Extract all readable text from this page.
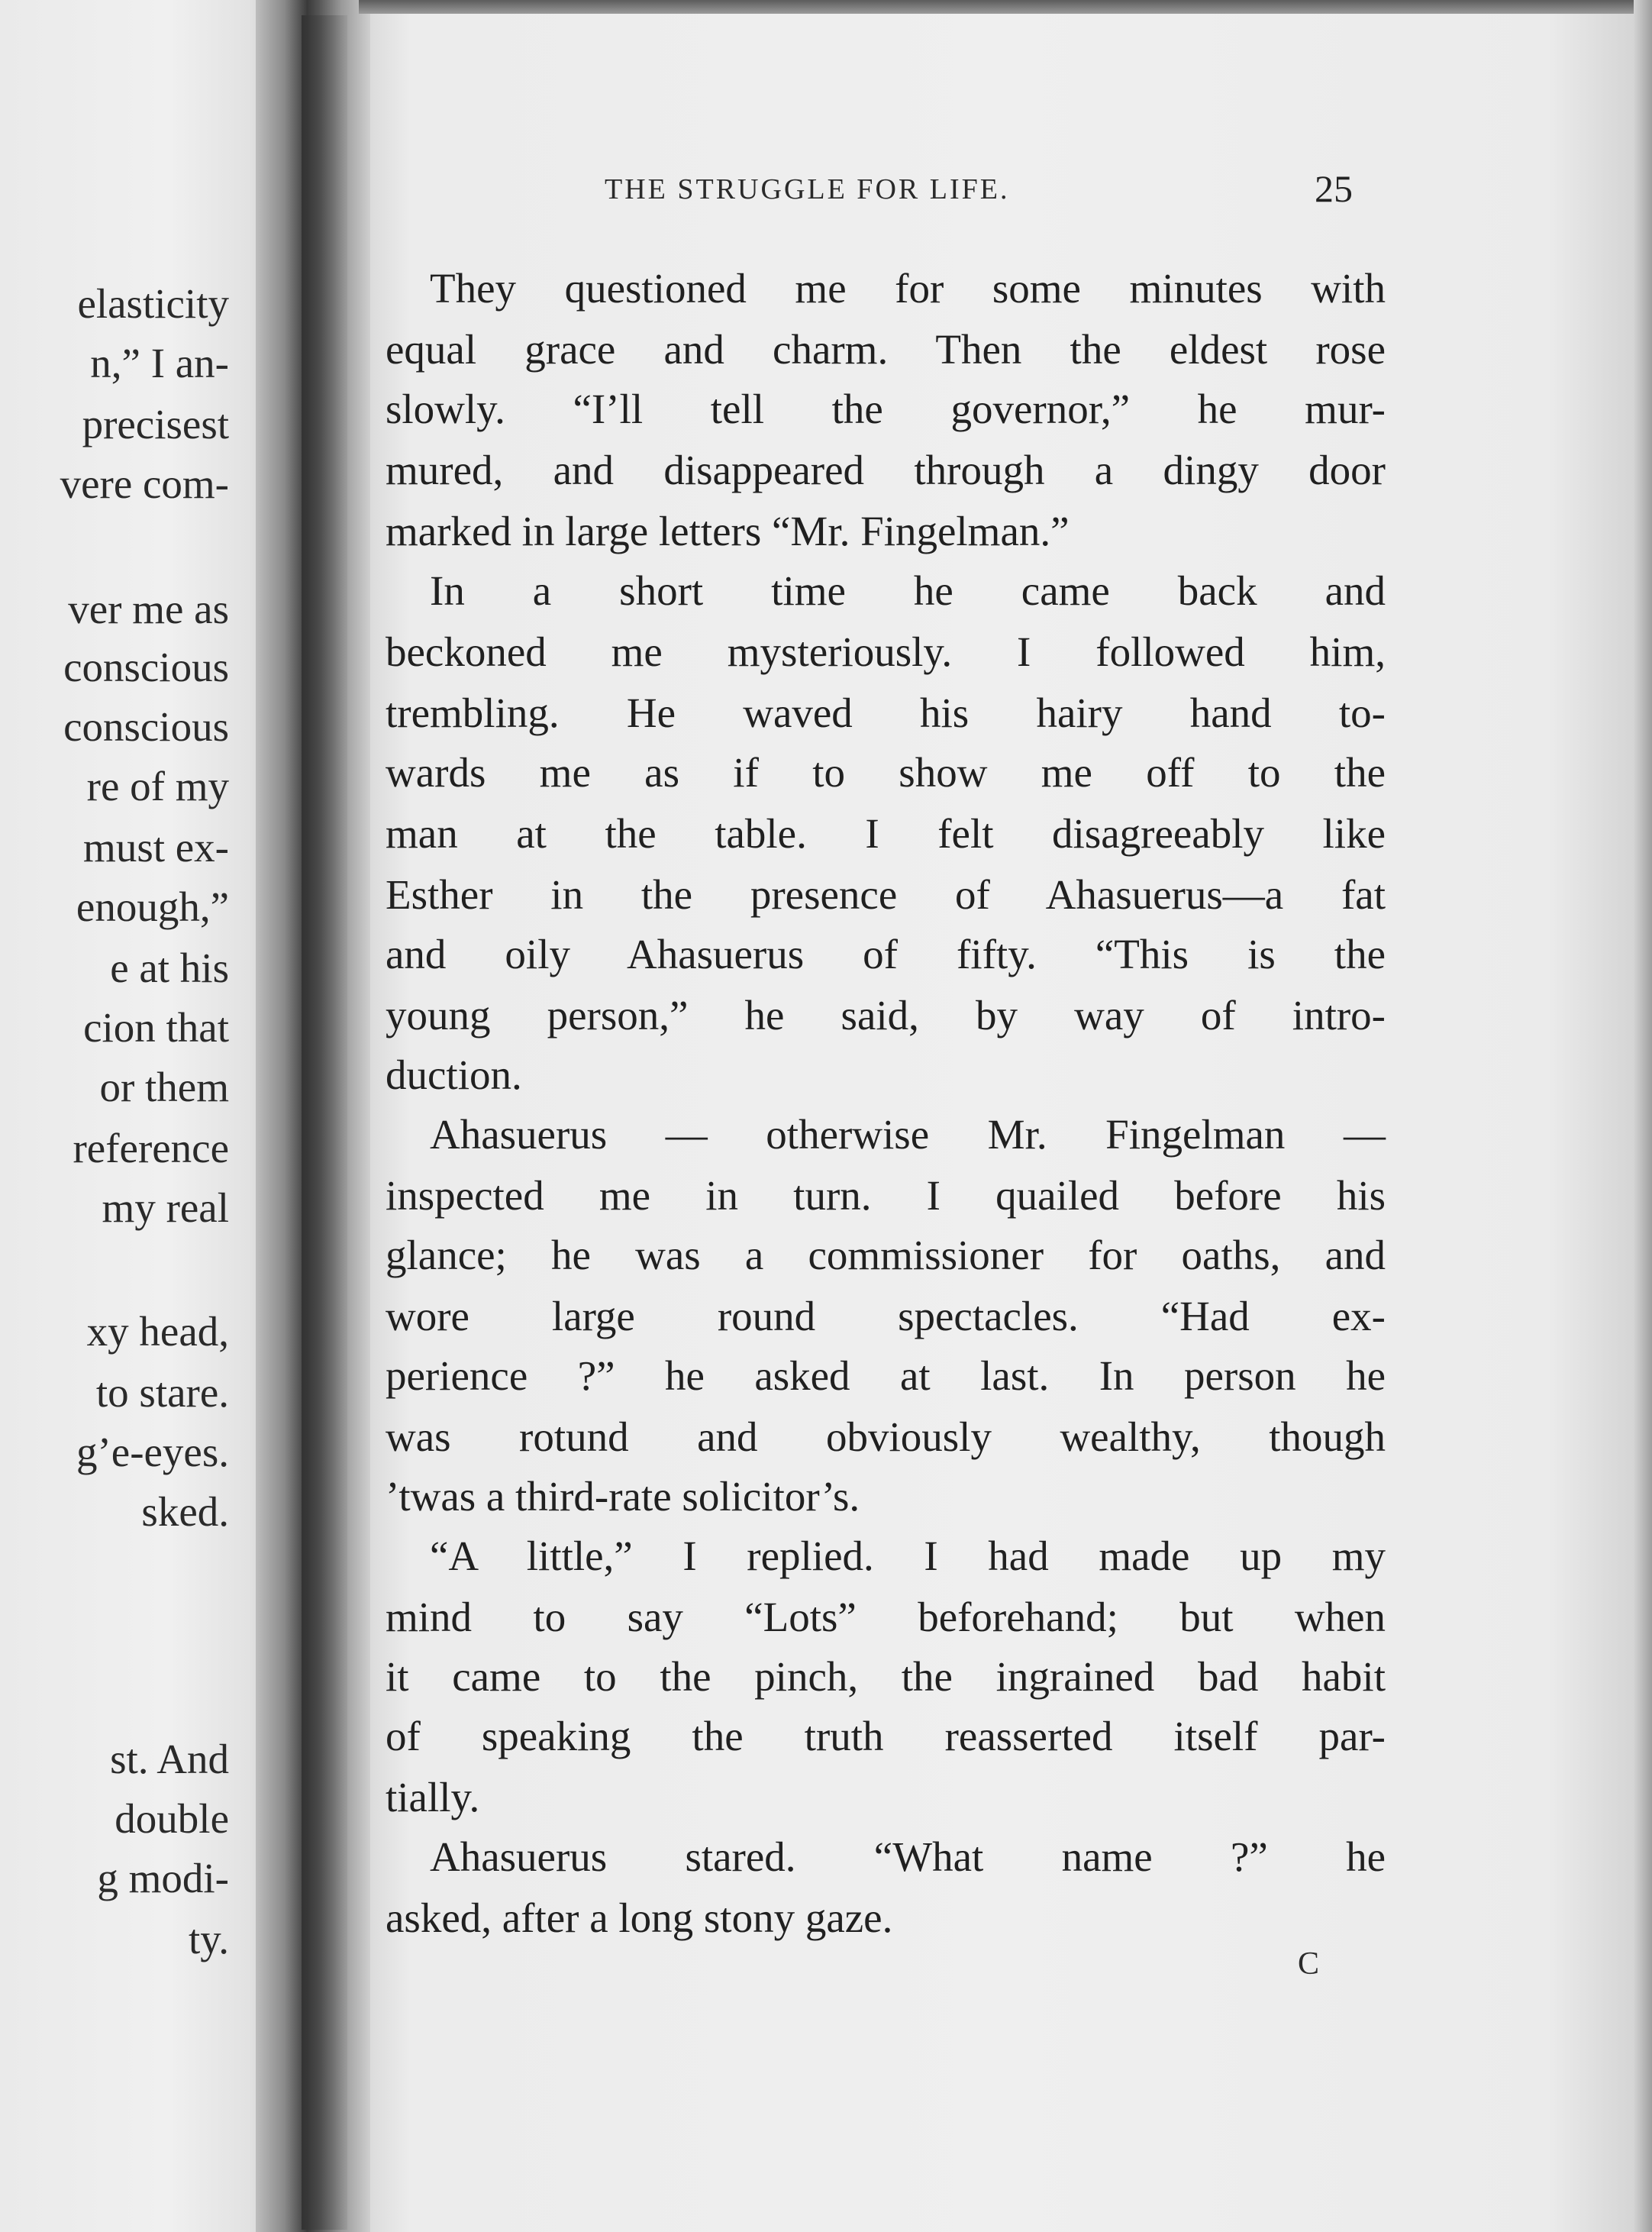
elasticity
n,” I an-
precisest
vere com-
ver me as
conscious
conscious
re of my
must ex-
enough,”
e at his
cion that
or them
reference
my real
xy head,
to stare.
g’e-eyes.
sked.
st. And
double
g modi-
ty.
THE STRUGGLE FOR LIFE.	25
They questioned me for some minutes with
equal grace and charm. Then the eldest rose
slowly. “I’ll tell the governor,” he mur-
mured, and disappeared through a dingy door
marked in large letters “Mr. Fingelman.”
In a short time he came back and
beckoned me mysteriously. I followed him,
trembling. He waved his hairy hand to-
wards me as if to show me off to the
man at the table. I felt disagreeably like
Esther in the presence of Ahasuerus—a fat
and oily Ahasuerus of fifty. “This is the
young person,” he said, by way of intro-
duction.
Ahasuerus — otherwise Mr. Fingelman —
inspected me in turn. I quailed before his
glance; he was a commissioner for oaths, and
wore large round spectacles. “Had ex-
perience ?” he asked at last. In person he
was rotund and obviously wealthy, though
’twas a third-rate solicitor’s.
“A little,” I replied. I had made up my
mind to say “Lots” beforehand; but when
it came to the pinch, the ingrained bad habit
of speaking the truth reasserted itself par-
tially.
Ahasuerus stared. “What name ?” he
asked, after a long stony gaze.
C
